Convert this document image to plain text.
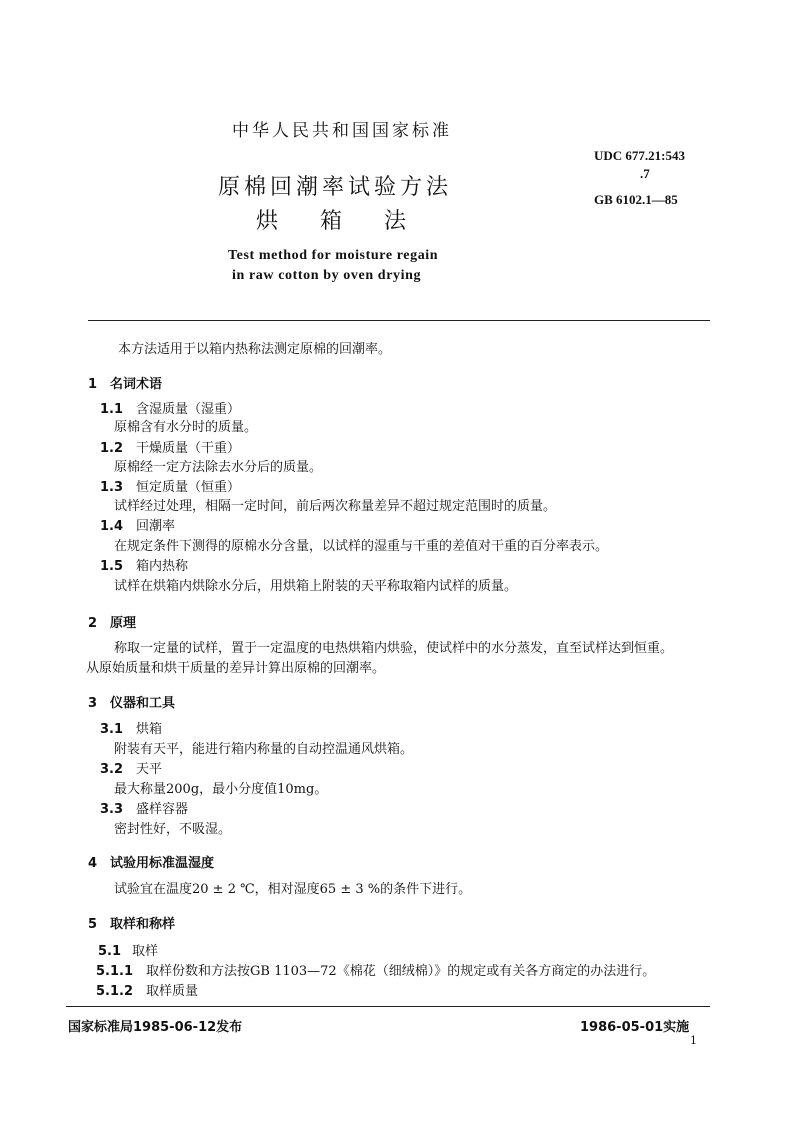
中华人民共和国国家标准
UDC 677.21:543
.7
GB 6102.1—85
原棉回潮率试验方法
烘箱法
Test method for moisture regain
in raw cotton by oven drying
本方法适用于以箱内热称法测定原棉的回潮率。
1 名词术语
1.1 含湿质量（湿重）
原棉含有水分时的质量。
1.2 干燥质量（干重）
原棉经一定方法除去水分后的质量。
1.3 恒定质量（恒重）
试样经过处理，相隔一定时间，前后两次称量差异不超过规定范围时的质量。
1.4 回潮率
在规定条件下测得的原棉水分含量，以试样的湿重与干重的差值对干重的百分率表示。
1.5 箱内热称
试样在烘箱内烘除水分后，用烘箱上附装的天平称取箱内试样的质量。
2 原理
称取一定量的试样，置于一定温度的电热烘箱内烘验，使试样中的水分蒸发，直至试样达到恒重。
从原始质量和烘干质量的差异计算出原棉的回潮率。
3 仪器和工具
3.1 烘箱
附装有天平，能进行箱内称量的自动控温通风烘箱。
3.2 天平
最大称量200g，最小分度值10mg。
3.3 盛样容器
密封性好，不吸湿。
4 试验用标准温湿度
试验宜在温度20 ± 2 ℃，相对湿度65 ± 3 %的条件下进行。
5 取样和称样
5.1 取样
5.1.1 取样份数和方法按GB 1103—72《棉花（细绒棉）》的规定或有关各方商定的办法进行。
5.1.2 取样质量
国家标准局1985-06-12发布	1986-05-01实施
1
